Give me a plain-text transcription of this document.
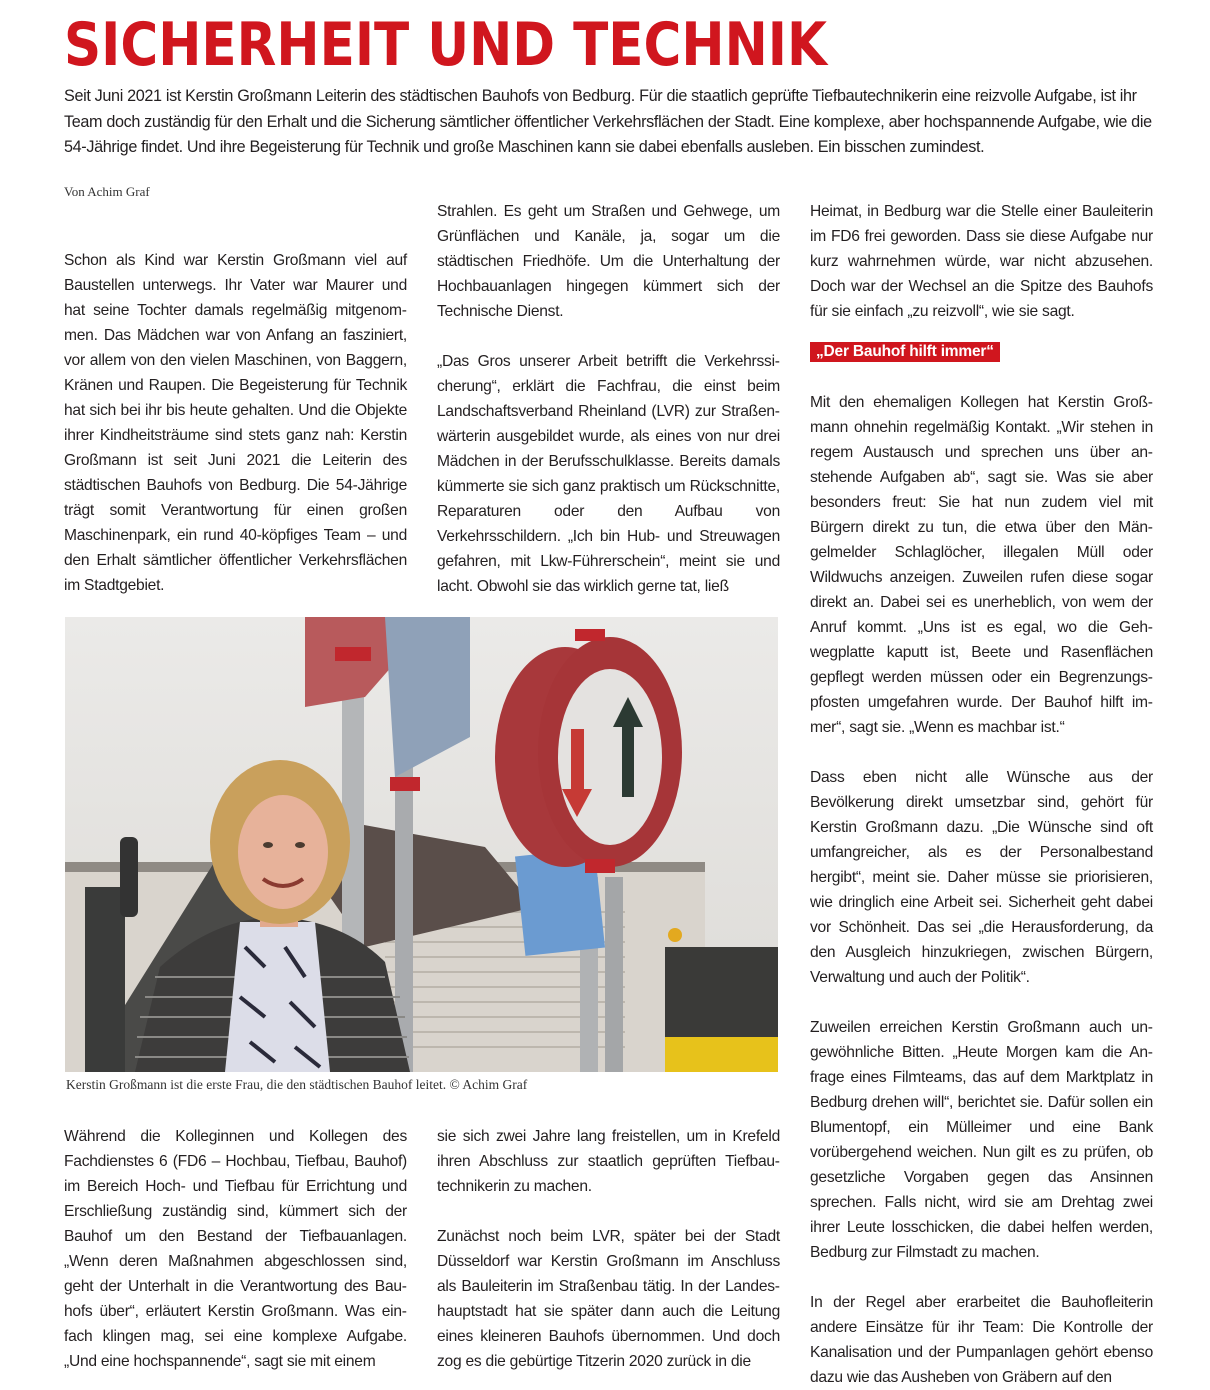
SICHERHEIT UND TECHNIK

Seit Juni 2021 ist Kerstin Großmann Leiterin des städtischen Bauhofs von Bedburg. Für die staatlich geprüfte Tiefbautechnikerin eine reizvolle Aufgabe, ist ihr Team doch zuständig für den Erhalt und die Sicherung sämtlicher öffentlicher Verkehrsflächen der Stadt. Eine komplexe, aber hochspannende Aufgabe, wie die 54-Jährige findet. Und ihre Begeisterung für Technik und große Maschinen kann sie dabei ebenfalls ausleben. Ein bisschen zumindest.

Von Achim Graf

Schon als Kind war Kerstin Großmann viel auf Baustellen unterwegs. Ihr Vater war Maurer und hat seine Tochter damals regelmäßig mitgenommen. Das Mädchen war von Anfang an fasziniert, vor allem von den vielen Maschinen, von Baggern, Kränen und Raupen. Die Begeisterung für Technik hat sich bei ihr bis heute gehalten. Und die Objekte ihrer Kindheitsträume sind stets ganz nah: Kerstin Großmann ist seit Juni 2021 die Leiterin des städtischen Bauhofs von Bedburg. Die 54-Jährige trägt somit Verantwortung für einen großen Maschinenpark, ein rund 40-köpfiges Team – und den Erhalt sämtlicher öffentlicher Verkehrsflächen im Stadtgebiet.

Strahlen. Es geht um Straßen und Gehwege, um Grünflächen und Kanäle, ja, sogar um die städtischen Friedhöfe. Um die Unterhaltung der Hochbauanlagen hingegen kümmert sich der Technische Dienst.

„Das Gros unserer Arbeit betrifft die Verkehrssicherung“, erklärt die Fachfrau, die einst beim Landschaftsverband Rheinland (LVR) zur Straßenwärterin ausgebildet wurde, als eines von nur drei Mädchen in der Berufsschulklasse. Bereits damals kümmerte sie sich ganz praktisch um Rückschnitte, Reparaturen oder den Aufbau von Verkehrsschildern. „Ich bin Hub- und Streuwagen gefahren, mit Lkw-Führerschein“, meint sie und lacht. Obwohl sie das wirklich gerne tat, ließ

Kerstin Großmann ist die erste Frau, die den städtischen Bauhof leitet. © Achim Graf

Während die Kolleginnen und Kollegen des Fachdienstes 6 (FD6 – Hochbau, Tiefbau, Bauhof) im Bereich Hoch- und Tiefbau für Errichtung und Erschließung zuständig sind, kümmert sich der Bauhof um den Bestand der Tiefbauanlagen. „Wenn deren Maßnahmen abgeschlossen sind, geht der Unterhalt in die Verantwortung des Bauhofs über“, erläutert Kerstin Großmann. Was einfach klingen mag, sei eine komplexe Aufgabe. „Und eine hochspannende“, sagt sie mit einem

sie sich zwei Jahre lang freistellen, um in Krefeld ihren Abschluss zur staatlich geprüften Tiefbautechnikerin zu machen.

Zunächst noch beim LVR, später bei der Stadt Düsseldorf war Kerstin Großmann im Anschluss als Bauleiterin im Straßenbau tätig. In der Landeshauptstadt hat sie später dann auch die Leitung eines kleineren Bauhofs übernommen. Und doch zog es die gebürtige Titzerin 2020 zurück in die

Heimat, in Bedburg war die Stelle einer Bauleiterin im FD6 frei geworden. Dass sie diese Aufgabe nur kurz wahrnehmen würde, war nicht abzusehen. Doch war der Wechsel an die Spitze des Bauhofs für sie einfach „zu reizvoll“, wie sie sagt.

„Der Bauhof hilft immer“

Mit den ehemaligen Kollegen hat Kerstin Großmann ohnehin regelmäßig Kontakt. „Wir stehen in regem Austausch und sprechen uns über anstehende Aufgaben ab“, sagt sie. Was sie aber besonders freut: Sie hat nun zudem viel mit Bürgern direkt zu tun, die etwa über den Mängelmelder Schlaglöcher, illegalen Müll oder Wildwuchs anzeigen. Zuweilen rufen diese sogar direkt an. Dabei sei es unerheblich, von wem der Anruf kommt. „Uns ist es egal, wo die Gehwegplatte kaputt ist, Beete und Rasenflächen gepflegt werden müssen oder ein Begrenzungspfosten umgefahren wurde. Der Bauhof hilft immer“, sagt sie. „Wenn es machbar ist.“

Dass eben nicht alle Wünsche aus der Bevölkerung direkt umsetzbar sind, gehört für Kerstin Großmann dazu. „Die Wünsche sind oft umfangreicher, als es der Personalbestand hergibt“, meint sie. Daher müsse sie priorisieren, wie dringlich eine Arbeit sei. Sicherheit geht dabei vor Schönheit. Das sei „die Herausforderung, da den Ausgleich hinzukriegen, zwischen Bürgern, Verwaltung und auch der Politik“.

Zuweilen erreichen Kerstin Großmann auch ungewöhnliche Bitten. „Heute Morgen kam die Anfrage eines Filmteams, das auf dem Marktplatz in Bedburg drehen will“, berichtet sie. Dafür sollen ein Blumentopf, ein Mülleimer und eine Bank vorübergehend weichen. Nun gilt es zu prüfen, ob gesetzliche Vorgaben gegen das Ansinnen sprechen. Falls nicht, wird sie am Drehtag zwei ihrer Leute losschicken, die dabei helfen werden, Bedburg zur Filmstadt zu machen.

In der Regel aber erarbeitet die Bauhofleiterin andere Einsätze für ihr Team: Die Kontrolle der Kanalisation und der Pumpanlagen gehört ebenso dazu wie das Ausheben von Gräbern auf den
